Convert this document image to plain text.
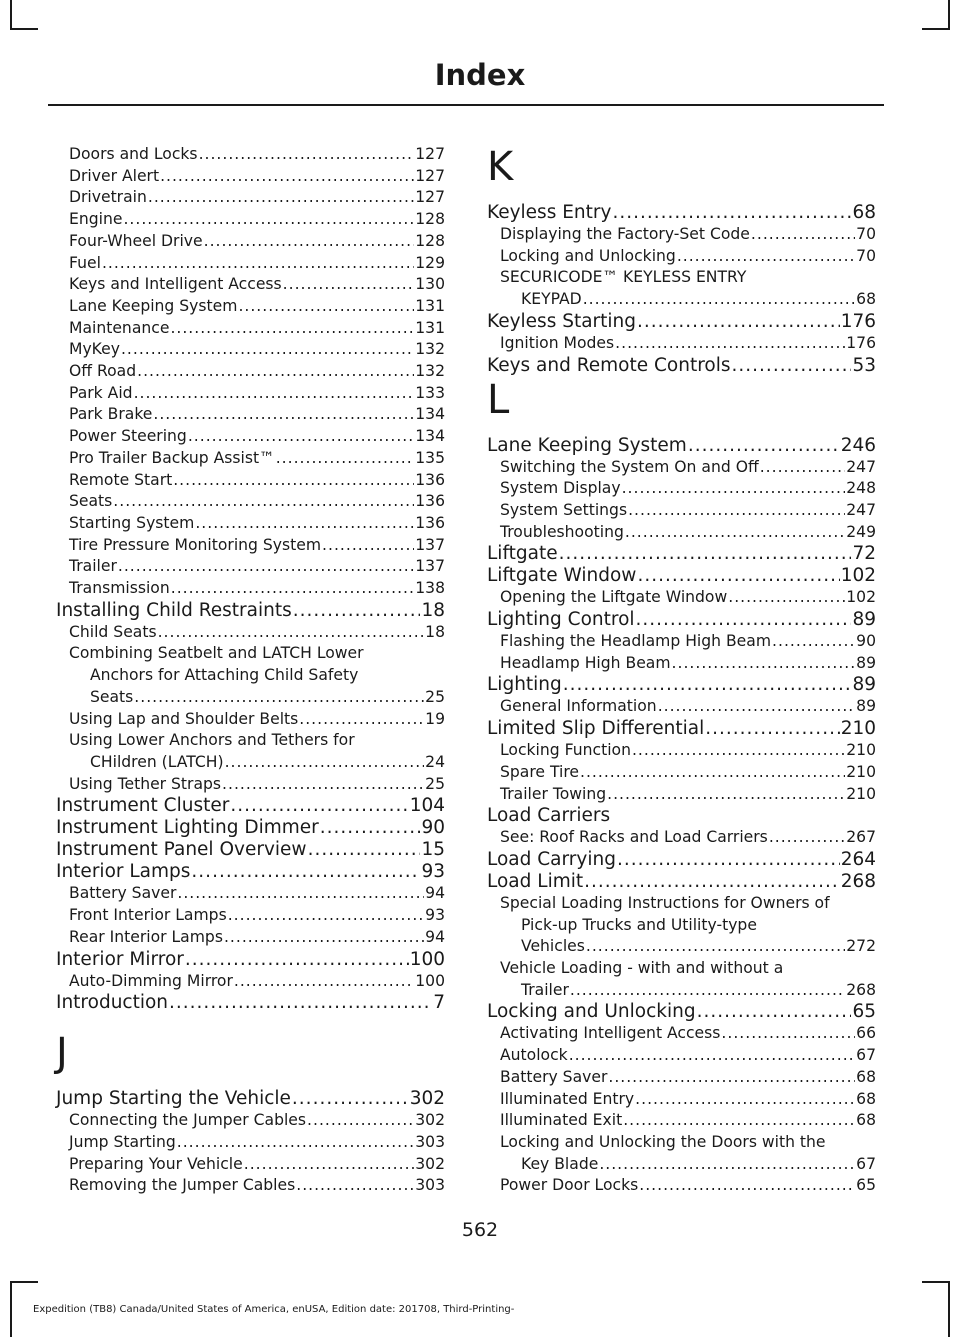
Index
Doors and Locks .....	127
Driver Alert .....	127
Drivetrain .....	127
Engine .....	128
Four-Wheel Drive .....	128
Fuel .....	129
Keys and Intelligent Access .....	130
Lane Keeping System .....	131
Maintenance .....	131
MyKey .....	132
Off Road .....	132
Park Aid .....	133
Park Brake .....	134
Power Steering .....	134
Pro Trailer Backup Assist™ .....	135
Remote Start .....	136
Seats .....	136
Starting System .....	136
Tire Pressure Monitoring System .....	137
Trailer .....	137
Transmission .....	138
Installing Child Restraints .....	18
Child Seats .....	18
Combining Seatbelt and LATCH Lower
Anchors for Attaching Child Safety
Seats .....	25
Using Lap and Shoulder Belts .....	19
Using Lower Anchors and Tethers for
CHildren (LATCH) .....	24
Using Tether Straps .....	25
Instrument Cluster .....	104
Instrument Lighting Dimmer .....	90
Instrument Panel Overview .....	15
Interior Lamps .....	93
Battery Saver .....	94
Front Interior Lamps .....	93
Rear Interior Lamps .....	94
Interior Mirror .....	100
Auto-Dimming Mirror .....	100
Introduction .....	7
J
Jump Starting the Vehicle .....	302
Connecting the Jumper Cables .....	302
Jump Starting .....	303
Preparing Your Vehicle .....	302
Removing the Jumper Cables .....	303
K
Keyless Entry .....	68
Displaying the Factory-Set Code .....	70
Locking and Unlocking .....	70
SECURICODE™ KEYLESS ENTRY
KEYPAD .....	68
Keyless Starting .....	176
Ignition Modes .....	176
Keys and Remote Controls .....	53
L
Lane Keeping System .....	246
Switching the System On and Off .....	247
System Display .....	248
System Settings .....	247
Troubleshooting .....	249
Liftgate .....	72
Liftgate Window .....	102
Opening the Liftgate Window .....	102
Lighting Control .....	89
Flashing the Headlamp High Beam .....	90
Headlamp High Beam .....	89
Lighting .....	89
General Information .....	89
Limited Slip Differential .....	210
Locking Function .....	210
Spare Tire .....	210
Trailer Towing .....	210
Load Carriers
See: Roof Racks and Load Carriers .....	267
Load Carrying .....	264
Load Limit .....	268
Special Loading Instructions for Owners of
Pick-up Trucks and Utility-type
Vehicles .....	272
Vehicle Loading - with and without a
Trailer .....	268
Locking and Unlocking .....	65
Activating Intelligent Access .....	66
Autolock .....	67
Battery Saver .....	68
Illuminated Entry .....	68
Illuminated Exit .....	68
Locking and Unlocking the Doors with the
Key Blade .....	67
Power Door Locks .....	65
562
Expedition (TB8) Canada/United States of America, enUSA, Edition date: 201708, Third-Printing-
